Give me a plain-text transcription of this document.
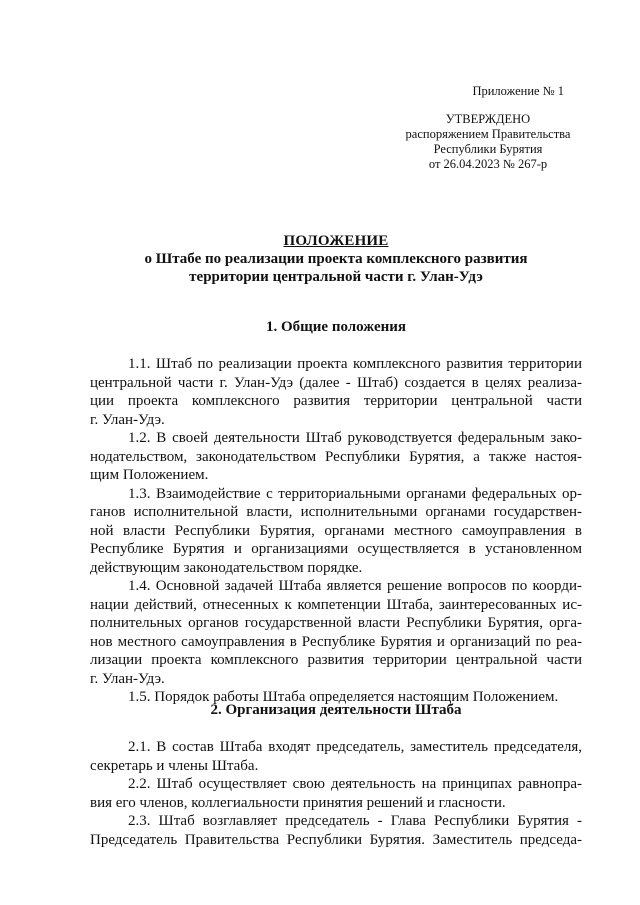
Приложение № 1
УТВЕРЖДЕНО
распоряжением Правительства
Республики Бурятия
от 26.04.2023 № 267-р
ПОЛОЖЕНИЕ
о Штабе по реализации проекта комплексного развития
территории центральной части г. Улан-Удэ
1. Общие положения
1.1. Штаб по реализации проекта комплексного развития территории
центральной части г. Улан-Удэ (далее - Штаб) создается в целях реализа-
ции проекта комплексного развития территории центральной части
г. Улан-Удэ.
1.2. В своей деятельности Штаб руководствуется федеральным зако-
нодательством, законодательством Республики Бурятия, а также настоя-
щим Положением.
1.3. Взаимодействие с территориальными органами федеральных ор-
ганов исполнительной власти, исполнительными органами государствен-
ной власти Республики Бурятия, органами местного самоуправления в
Республике Бурятия и организациями осуществляется в установленном
действующим законодательством порядке.
1.4. Основной задачей Штаба является решение вопросов по коорди-
нации действий, отнесенных к компетенции Штаба, заинтересованных ис-
полнительных органов государственной власти Республики Бурятия, орга-
нов местного самоуправления в Республике Бурятия и организаций по реа-
лизации проекта комплексного развития территории центральной части
г. Улан-Удэ.
1.5. Порядок работы Штаба определяется настоящим Положением.
2. Организация деятельности Штаба
2.1. В состав Штаба входят председатель, заместитель председателя,
секретарь и члены Штаба.
2.2. Штаб осуществляет свою деятельность на принципах равнопра-
вия его членов, коллегиальности принятия решений и гласности.
2.3. Штаб возглавляет председатель - Глава Республики Бурятия -
Председатель Правительства Республики Бурятия. Заместитель председа-
